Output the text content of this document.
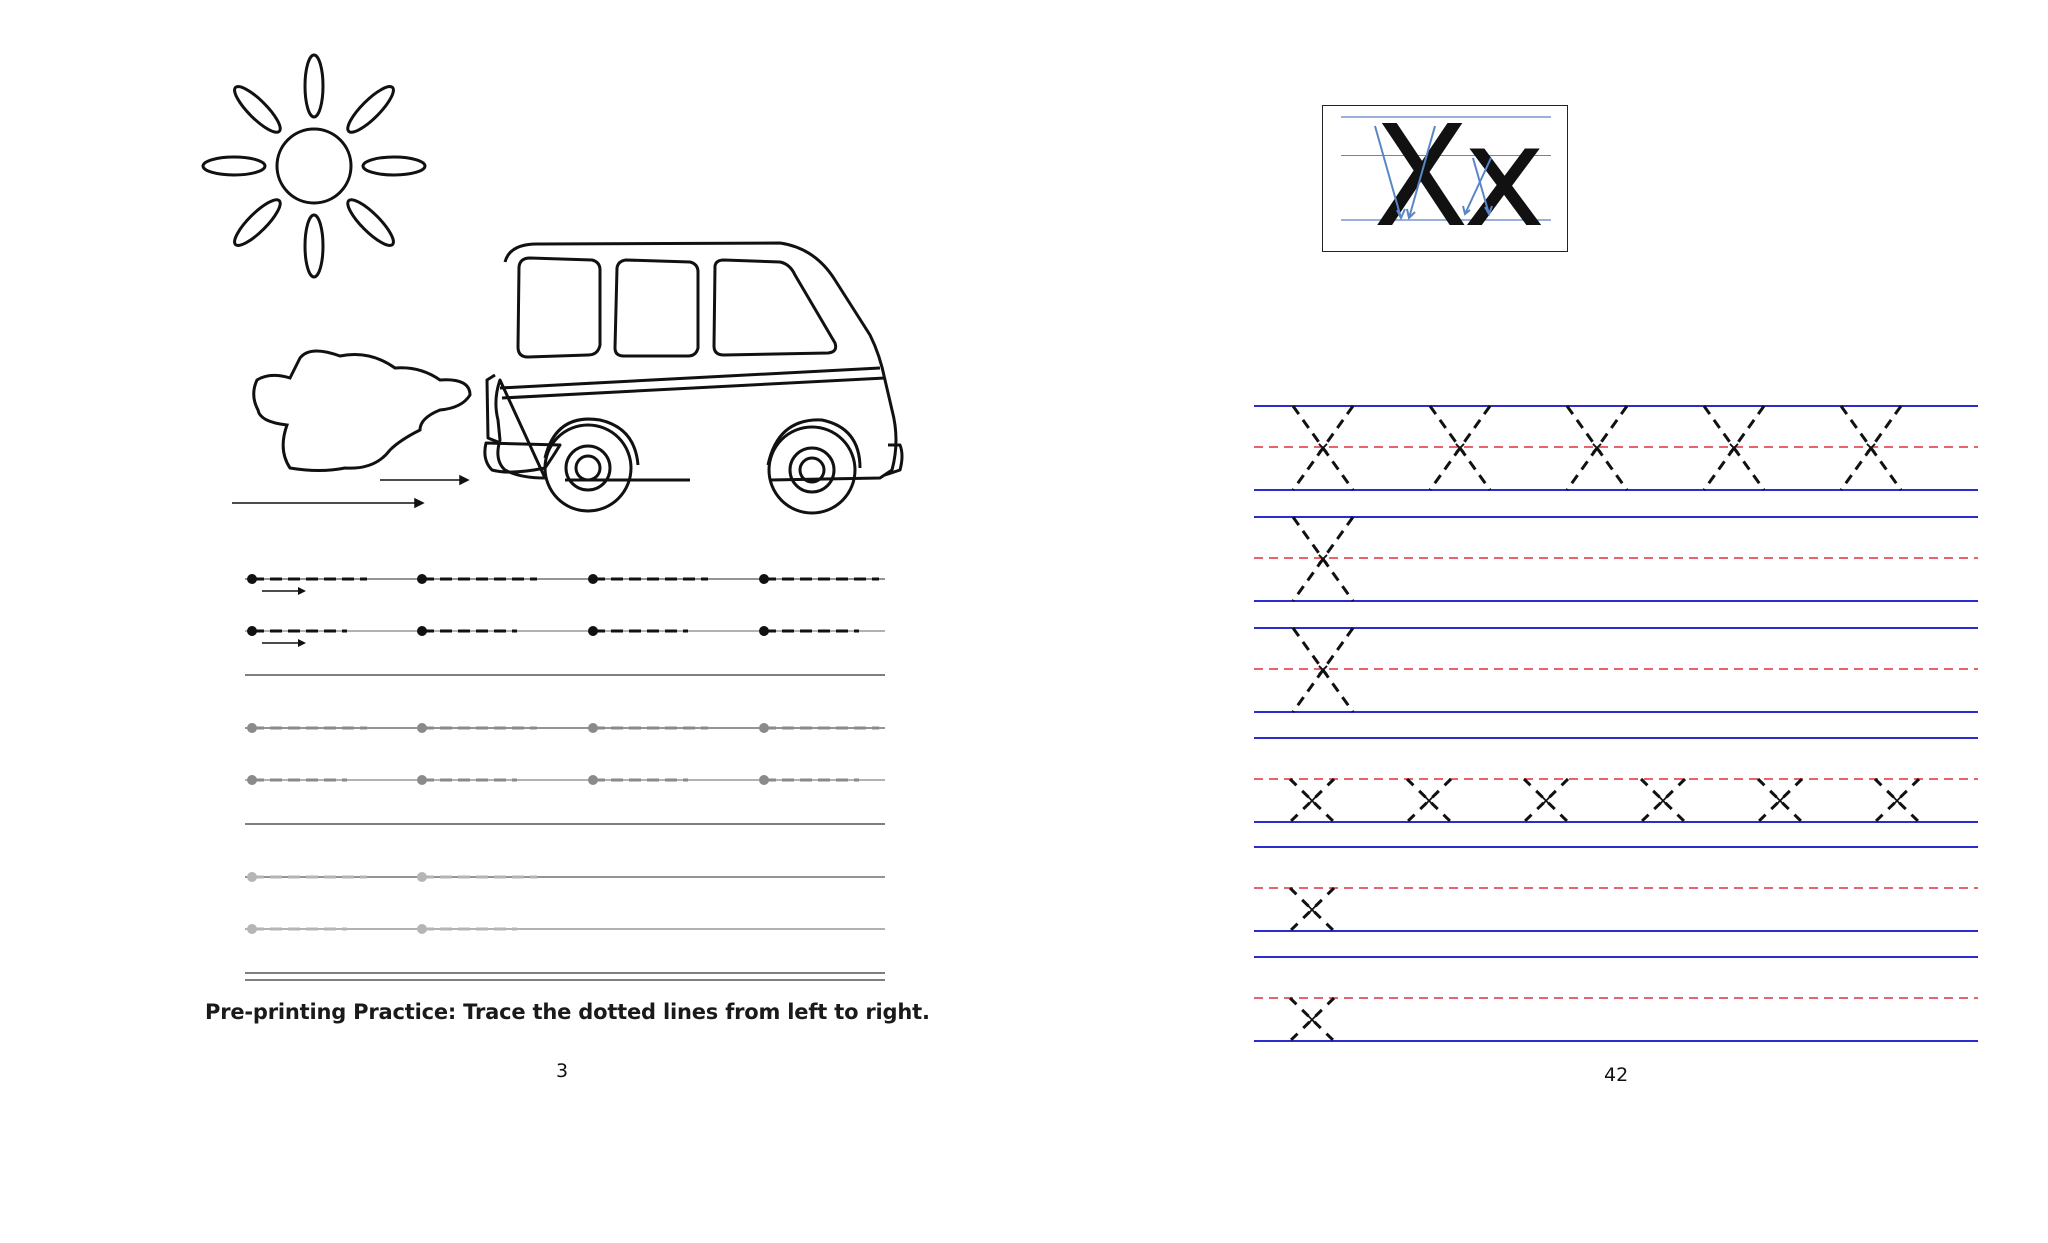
Pre-printing Practice: Trace the dotted lines from left to right.
3
Xx
×	×	×	×	×
×
×
×	×	×	×	×	×
×
×
42
